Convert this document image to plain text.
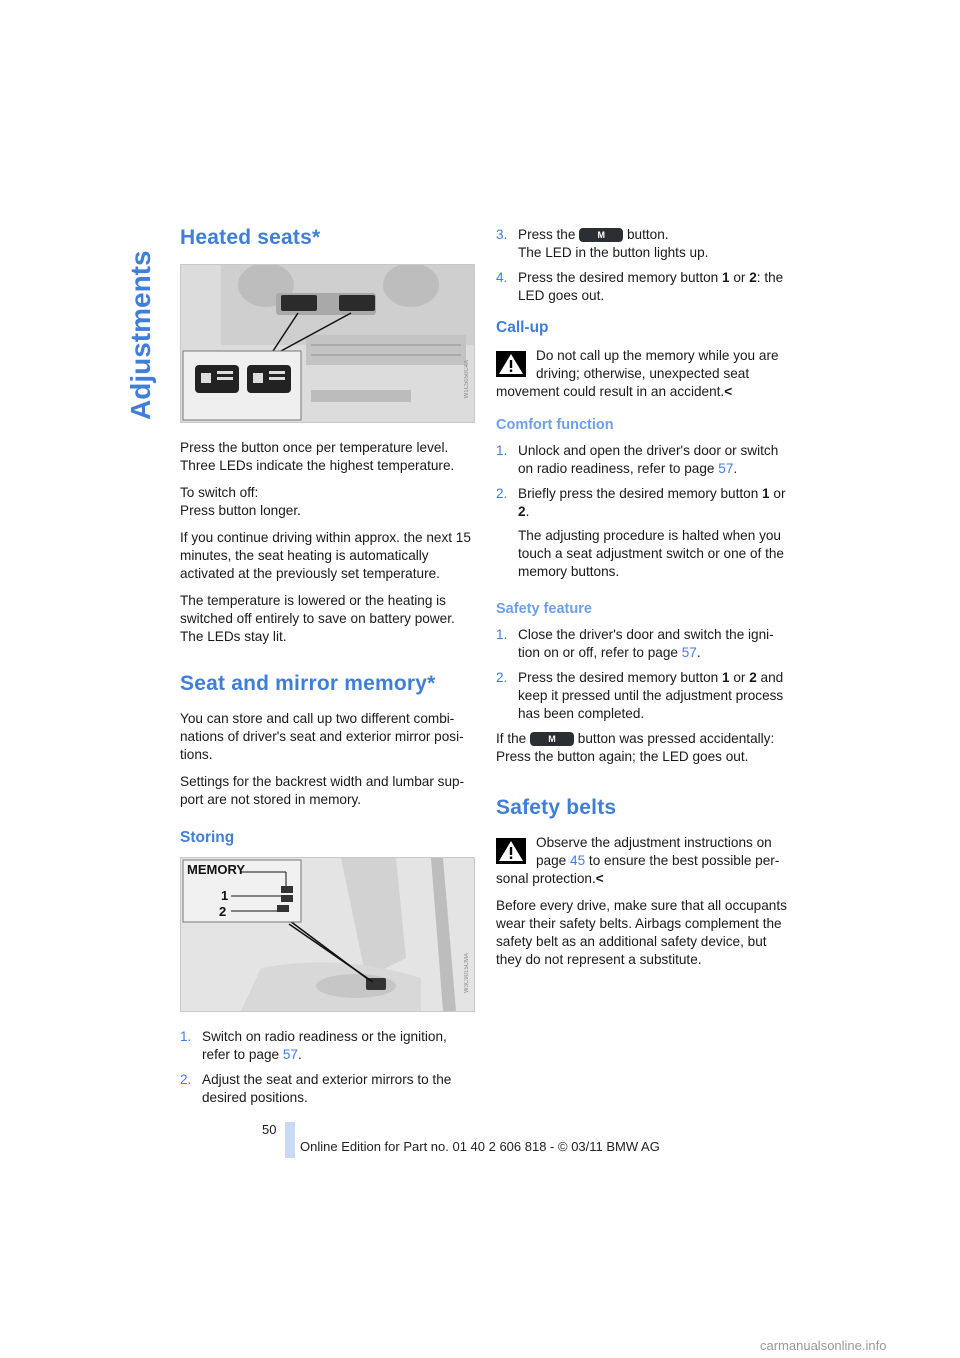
Adjustments
Heated seats*
W1C5050C4A

Press the button once per temperature level. Three LEDs indicate the highest temperature.

To switch off:
Press button longer.

If you continue driving within approx. the next 15 minutes, the seat heating is automatically activated at the previously set temperature.

The temperature is lowered or the heating is switched off entirely to save on battery power. The LEDs stay lit.

Seat and mirror memory*

You can store and call up two different combi-nations of driver's seat and exterior mirror posi-tions.

Settings for the backrest width and lumbar sup-port are not stored in memory.

Storing
MEMORY
1
2
W3C9015CMA
1. Switch on radio readiness or the ignition, refer to page 57.
2. Adjust the seat and exterior mirrors to the desired positions.
3. Press the M button.
The LED in the button lights up.
4. Press the desired memory button 1 or 2: the LED goes out.
Call-up
Do not call up the memory while you are driving; otherwise, unexpected seat movement could result in an accident.<
Comfort function
1. Unlock and open the driver's door or switch on radio readiness, refer to page 57.
2. Briefly press the desired memory button 1 or 2.
The adjusting procedure is halted when you touch a seat adjustment switch or one of the memory buttons.
Safety feature
1. Close the driver's door and switch the igni-tion on or off, refer to page 57.
2. Press the desired memory button 1 or 2 and keep it pressed until the adjustment process has been completed.

If the M button was pressed accidentally: Press the button again; the LED goes out.

Safety belts
Observe the adjustment instructions on page 45 to ensure the best possible per-sonal protection.<

Before every drive, make sure that all occupants wear their safety belts. Airbags complement the safety belt as an additional safety device, but they do not represent a substitute.

50
Online Edition for Part no. 01 40 2 606 818 - © 03/11 BMW AG
carmanualsonline.info
